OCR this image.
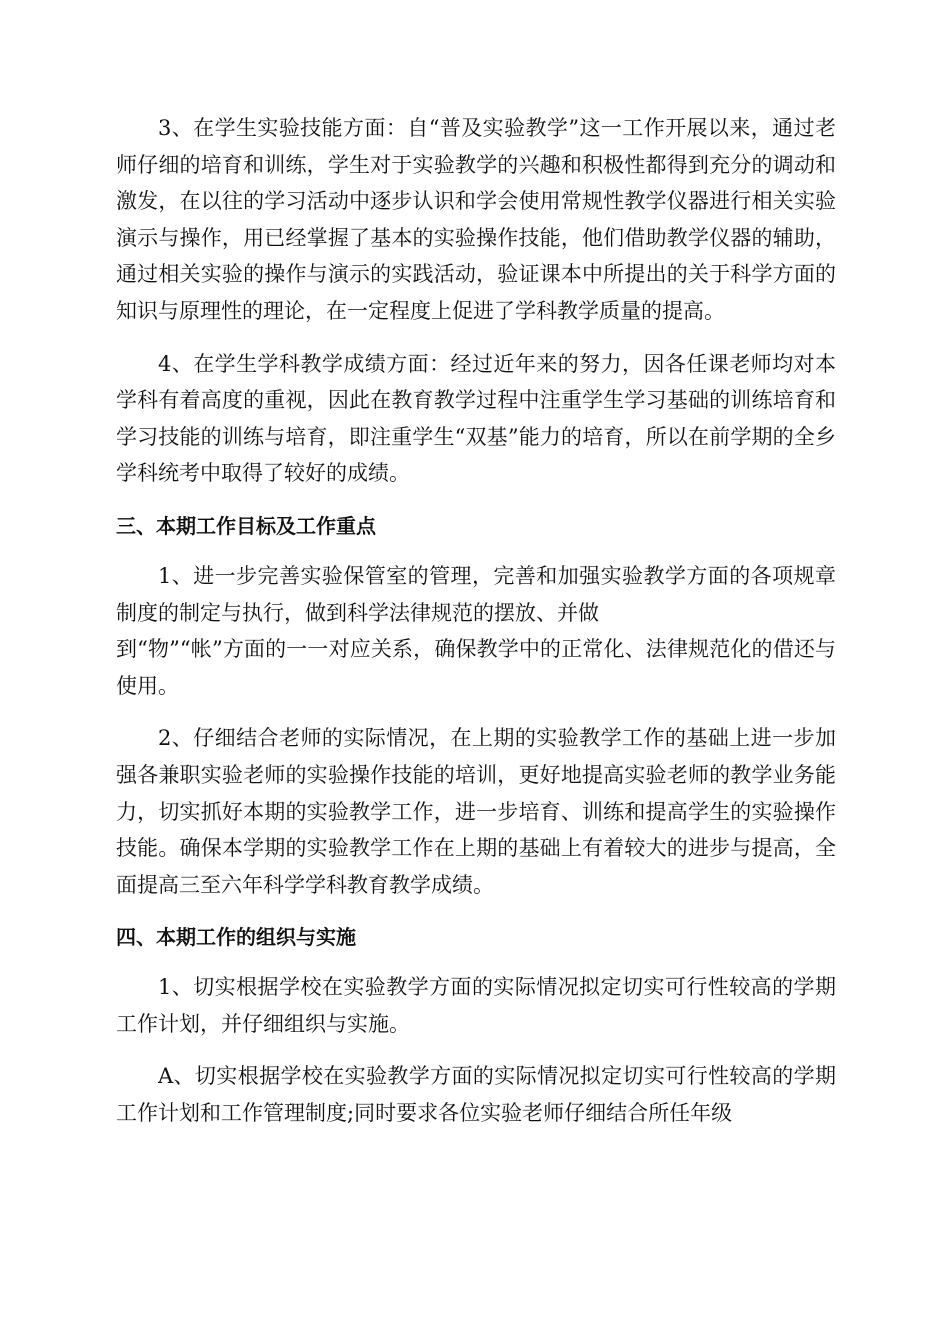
3、在学生实验技能方面：自“普及实验教学”这一工作开展以来，通过老师仔细的培育和训练，学生对于实验教学的兴趣和积极性都得到充分的调动和激发，在以往的学习活动中逐步认识和学会使用常规性教学仪器进行相关实验演示与操作，用已经掌握了基本的实验操作技能，他们借助教学仪器的辅助，通过相关实验的操作与演示的实践活动，验证课本中所提出的关于科学方面的知识与原理性的理论，在一定程度上促进了学科教学质量的提高。

4、在学生学科教学成绩方面：经过近年来的努力，因各任课老师均对本学科有着高度的重视，因此在教育教学过程中注重学生学习基础的训练培育和学习技能的训练与培育，即注重学生“双基”能力的培育，所以在前学期的全乡学科统考中取得了较好的成绩。

三、本期工作目标及工作重点

1、进一步完善实验保管室的管理，完善和加强实验教学方面的各项规章制度的制定与执行，做到科学法律规范的摆放、并做

到“物”“帐”方面的一一对应关系，确保教学中的正常化、法律规范化的借还与使用。

2、仔细结合老师的实际情况，在上期的实验教学工作的基础上进一步加强各兼职实验老师的实验操作技能的培训，更好地提高实验老师的教学业务能力，切实抓好本期的实验教学工作，进一步培育、训练和提高学生的实验操作技能。确保本学期的实验教学工作在上期的基础上有着较大的进步与提高，全面提高三至六年科学学科教育教学成绩。

四、本期工作的组织与实施

1、切实根据学校在实验教学方面的实际情况拟定切实可行性较高的学期工作计划，并仔细组织与实施。

A、切实根据学校在实验教学方面的实际情况拟定切实可行性较高的学期工作计划和工作管理制度;同时要求各位实验老师仔细结合所任年级
